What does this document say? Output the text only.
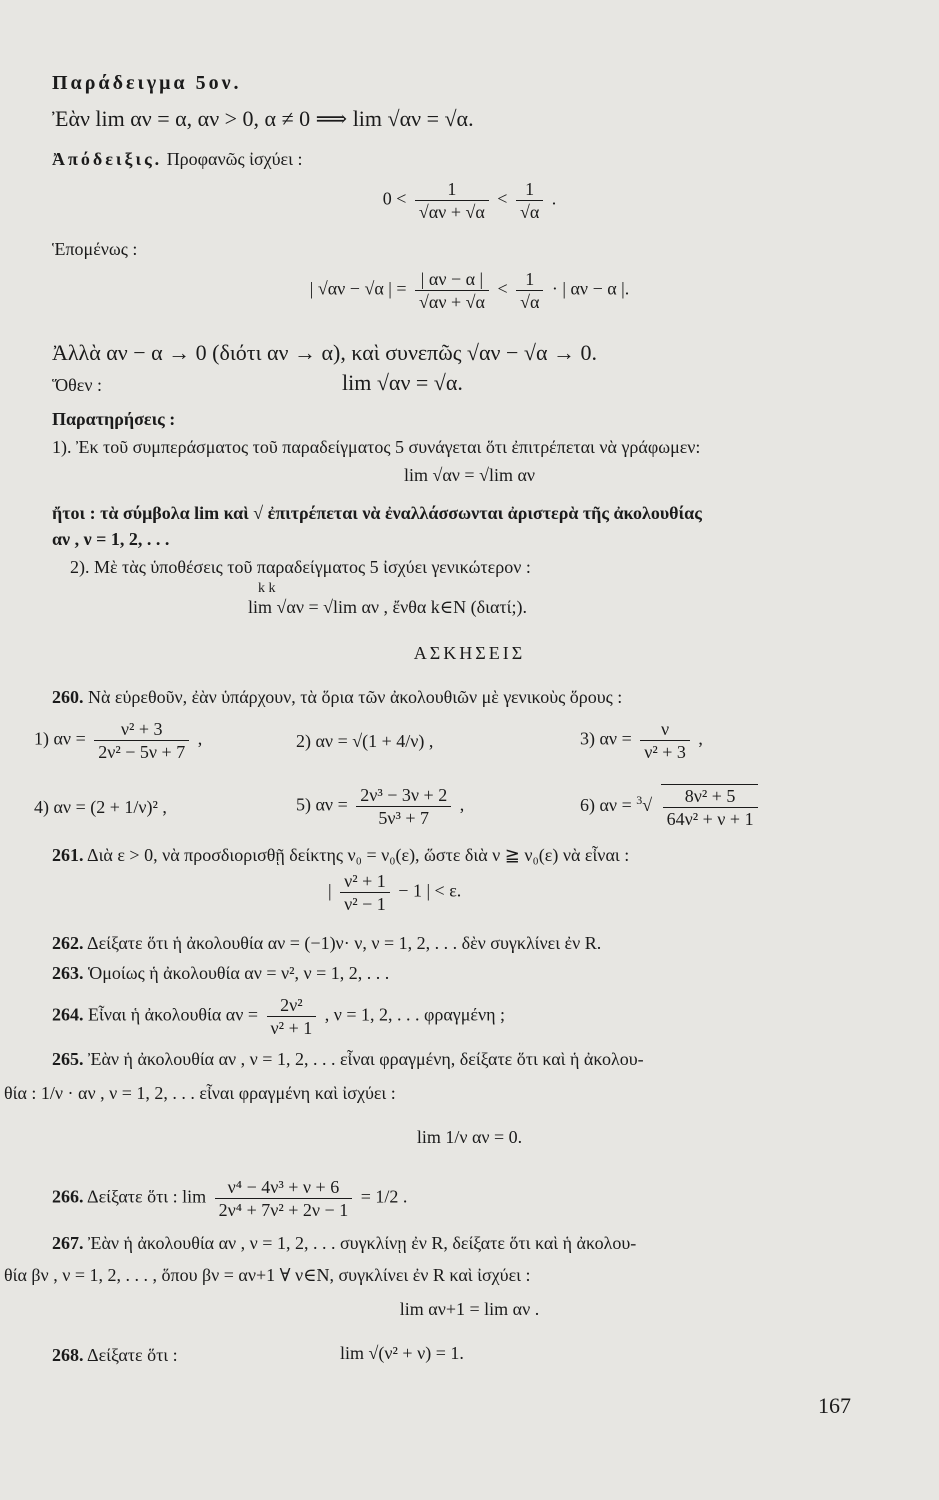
Παράδειγμα 5ον.
Ἐὰν lim αν = α, αν > 0, α ≠ 0 ⟹ lim √αν = √α.
Ἀπόδειξις. Προφανῶς ἰσχύει :
$0 < \frac{1}{√\alpha\nu + √\alpha} < \frac{1}{√\alpha}$ .
Ἑπομένως :
| √αν − √α | = $\frac{| \alpha\nu - \alpha |}{√\alpha\nu + √\alpha} < \frac{1}{√\alpha}$ · | αν − α |.
Ἀλλὰ αν − α → 0 (διότι αν → α), καὶ συνεπῶς √αν − √α → 0.
Ὅθεν :	lim √αν = √α.
Παρατηρήσεις :
1). Ἐκ τοῦ συμπεράσματος τοῦ παραδείγματος 5 συνάγεται ὅτι ἐπιτρέπεται νὰ γράφωμεν:
lim √αν = √lim αν
ἤτοι : τὰ σύμβολα lim καὶ √ ἐπιτρέπεται νὰ ἐναλλάσσωνται ἀριστερὰ τῆς ἀκολουθίας
αν , ν = 1, 2, . . .
2). Μὲ τὰς ὑποθέσεις τοῦ παραδείγματος 5 ἰσχύει γενικώτερον :
k k
lim √αν = √lim αν , ἔνθα k∈N (διατί;).
ΑΣΚΗΣΕΙΣ
260. Νὰ εὑρεθοῦν, ἐὰν ὑπάρχουν, τὰ ὅρια τῶν ἀκολουθιῶν μὲ γενικοὺς ὅρους :
1) $\alpha\nu = \frac{\text{ν² + 3}}{\text{2ν² − 5ν + 7}}$ ,	2) αν = √(1 + 4/ν) ,	3) $\alpha\nu = \frac{\nu}{\text{ν² + 3}}$ ,
4) αν = (2 + 1/ν)² ,	5) $\alpha\nu = \frac{\text{2ν³ − 3ν + 2}}{\text{5ν³ + 7}}$ ,	6) $\alpha\nu = ^3√ \frac{\text{8ν² + 5}}{\text{64ν² + ν + 1}}$
261. Διὰ ε > 0, νὰ προσδιορισθῇ δείκτης ν₀ = ν₀(ε), ὥστε διὰ ν ≧ ν₀(ε) νὰ εἶναι :
| $\frac{\text{ν² + 1}}{\text{ν² − 1}} - 1$ | < ε.
262. Δείξατε ὅτι ἡ ἀκολουθία αν = (−1)ν· ν, ν = 1, 2, . . . δὲν συγκλίνει ἐν R.
263. Ὁμοίως ἡ ἀκολουθία αν = ν², ν = 1, 2, . . .
264. Εἶναι ἡ ἀκολουθία $\alpha\nu = \frac{\text{2ν²}}{\text{ν² + 1}}$ , ν = 1, 2, . . . φραγμένη ;
265. Ἐὰν ἡ ἀκολουθία αν , ν = 1, 2, . . . εἶναι φραγμένη, δείξατε ὅτι καὶ ἡ ἀκολου-
θία : 1/ν · αν , ν = 1, 2, . . . εἶναι φραγμένη καὶ ἰσχύει :
lim 1/ν αν = 0.
266. Δείξατε ὅτι : $\lim \frac{\text{ν⁴ − 4ν³ + ν + 6}}{\text{2ν⁴ + 7ν² + 2ν − 1}} = 1/2$ .
267. Ἐὰν ἡ ἀκολουθία αν , ν = 1, 2, . . . συγκλίνῃ ἐν R, δείξατε ὅτι καὶ ἡ ἀκολου-
θία βν , ν = 1, 2, . . . , ὅπου βν = αν+1 ∀ ν∈N, συγκλίνει ἐν R καὶ ἰσχύει :
lim αν+1 = lim αν .
268. Δείξατε ὅτι :	lim √(ν² + ν) = 1.
167
